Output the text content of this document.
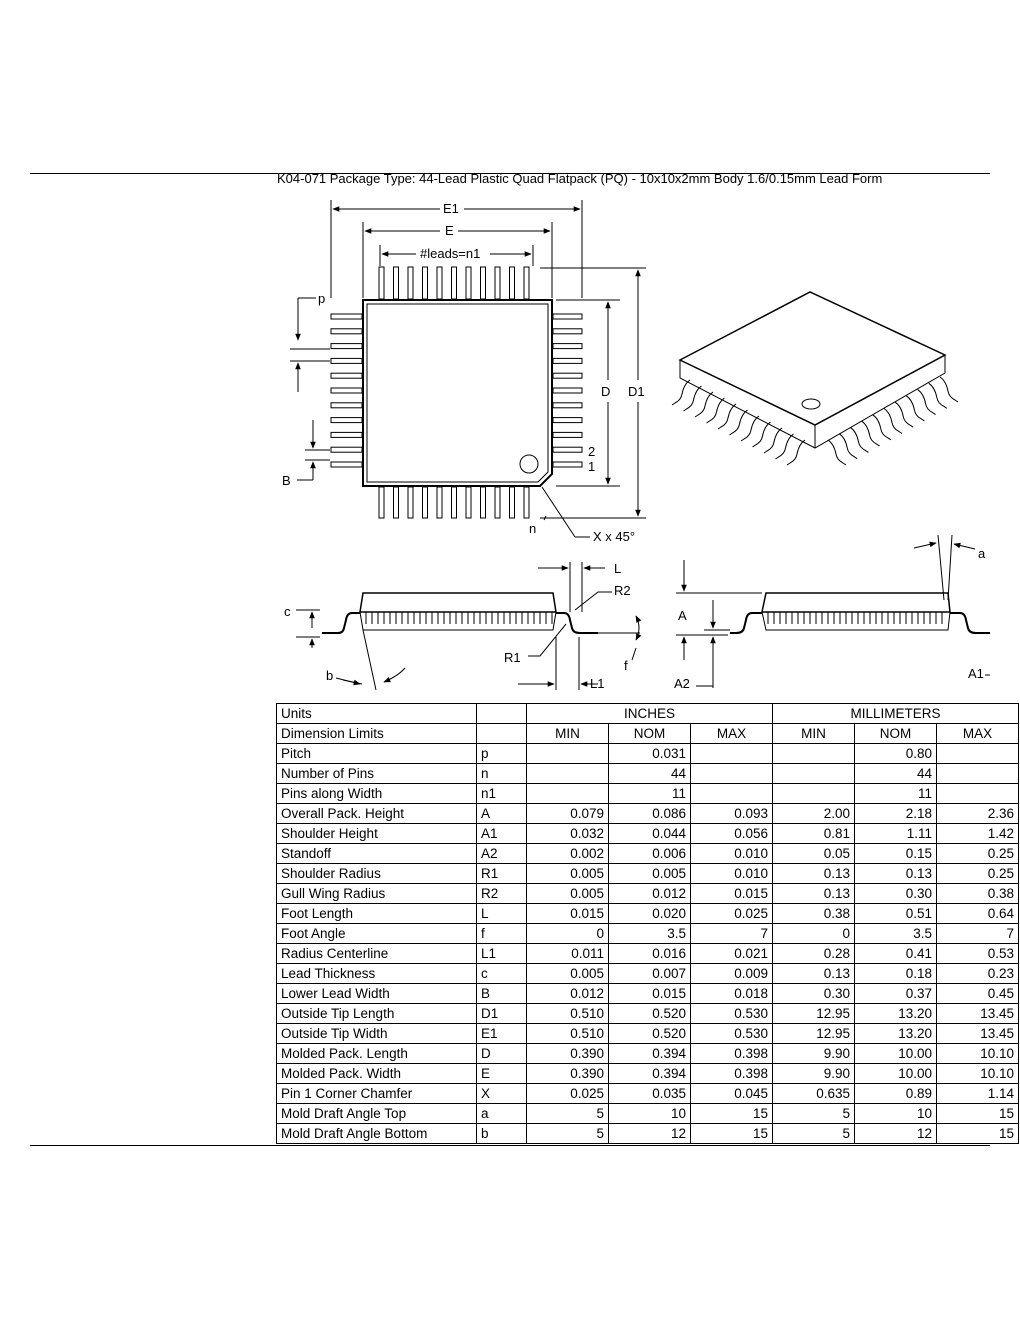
K04-071 Package Type: 44-Lead Plastic Quad Flatpack (PQ) - 10x10x2mm Body 1.6/0.15mm Lead Form
E1
E
#leads=n1
p
B
D D1
2
1
n
X x 45°
L
R2
c
R1
f
b
L1
A
A2
a
A1
Units		INCHES			MILLIMETERS		
Dimension Limits		MIN	NOM	MAX	MIN	NOM	MAX
Pitch	p		0.031			0.80	
Number of Pins	n		44			44	
Pins along Width	n1		11			11	
Overall Pack. Height	A	0.079	0.086	0.093	2.00	2.18	2.36
Shoulder Height	A1	0.032	0.044	0.056	0.81	1.11	1.42
Standoff	A2	0.002	0.006	0.010	0.05	0.15	0.25
Shoulder Radius	R1	0.005	0.005	0.010	0.13	0.13	0.25
Gull Wing Radius	R2	0.005	0.012	0.015	0.13	0.30	0.38
Foot Length	L	0.015	0.020	0.025	0.38	0.51	0.64
Foot Angle	f	0	3.5	7	0	3.5	7
Radius Centerline	L1	0.011	0.016	0.021	0.28	0.41	0.53
Lead Thickness	c	0.005	0.007	0.009	0.13	0.18	0.23
Lower Lead Width	B	0.012	0.015	0.018	0.30	0.37	0.45
Outside Tip Length	D1	0.510	0.520	0.530	12.95	13.20	13.45
Outside Tip Width	E1	0.510	0.520	0.530	12.95	13.20	13.45
Molded Pack. Length	D	0.390	0.394	0.398	9.90	10.00	10.10
Molded Pack. Width	E	0.390	0.394	0.398	9.90	10.00	10.10
Pin 1 Corner Chamfer	X	0.025	0.035	0.045	0.635	0.89	1.14
Mold Draft Angle Top	a	5	10	15	5	10	15
Mold Draft Angle Bottom	b	5	12	15	5	12	15
